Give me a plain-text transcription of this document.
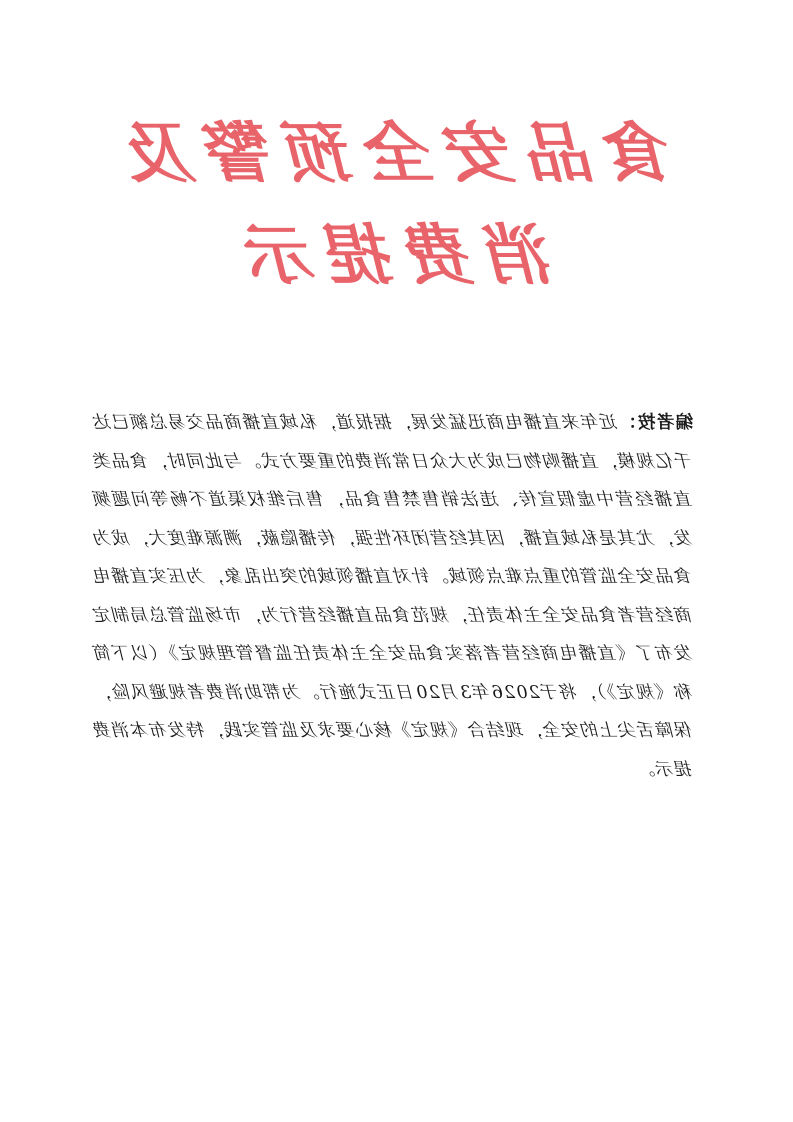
食品安全预警及
消费提示
编者按：近年来直播电商迅猛发展，据报道，私域直播商品交易总额已达千亿规模，直播购物已成为大众日常消费的重要方式。与此同时，食品类直播经营中虚假宣传、违法销售禁售食品，售后维权渠道不畅等问题频发，尤其是私域直播，因其经营闭环性强，传播隐蔽，溯源难度大，成为食品安全监管的重点难点领域。针对直播领域的突出乱象，为压实直播电商经营者食品安全主体责任，规范食品直播经营行为，市场监管总局制定发布了《直播电商经营者落实食品安全主体责任监督管理规定》（以下简称《规定》），将于2026年3月20日正式施行。为帮助消费者规避风险，保障舌尖上的安全，现结合《规定》核心要求及监管实践，特发布本消费提示。
